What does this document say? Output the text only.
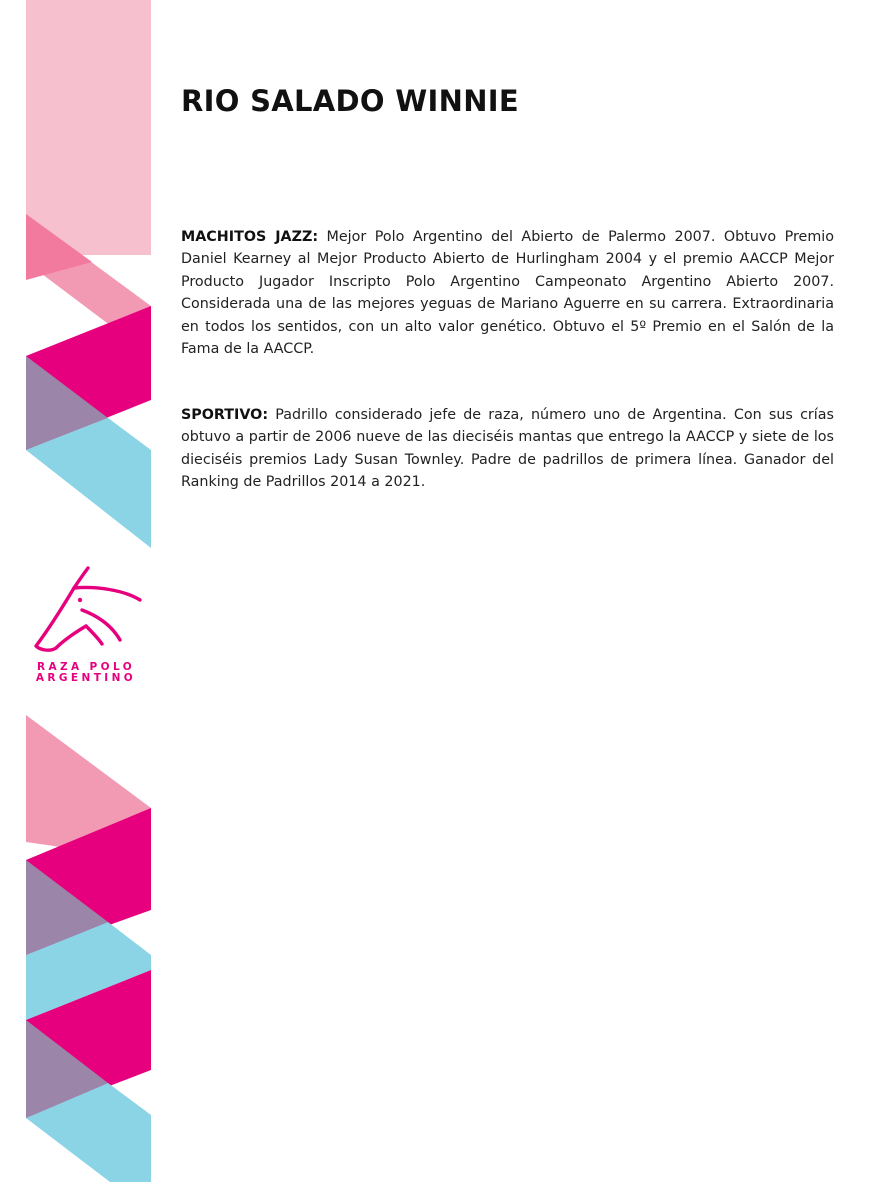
RAZA POLO
ARGENTINO
RIO SALADO WINNIE

MACHITOS JAZZ: Mejor Polo Argentino del Abierto de Palermo 2007. Obtuvo Premio Daniel Kearney al Mejor Producto Abierto de Hurlingham 2004 y el premio AACCP Mejor Producto Jugador Inscripto Polo Argentino Campeonato Argentino Abierto 2007. Considerada una de las mejores yeguas de Mariano Aguerre en su carrera. Extraordinaria en todos los sentidos, con un alto valor genético. Obtuvo el 5º Premio en el Salón de la Fama de la AACCP.

SPORTIVO: Padrillo considerado jefe de raza, número uno de Argentina. Con sus crías obtuvo a partir de 2006 nueve de las dieciséis mantas que entrego la AACCP y siete de los dieciséis premios Lady Susan Townley. Padre de padrillos de primera línea. Ganador del Ranking de Padrillos 2014 a 2021.
